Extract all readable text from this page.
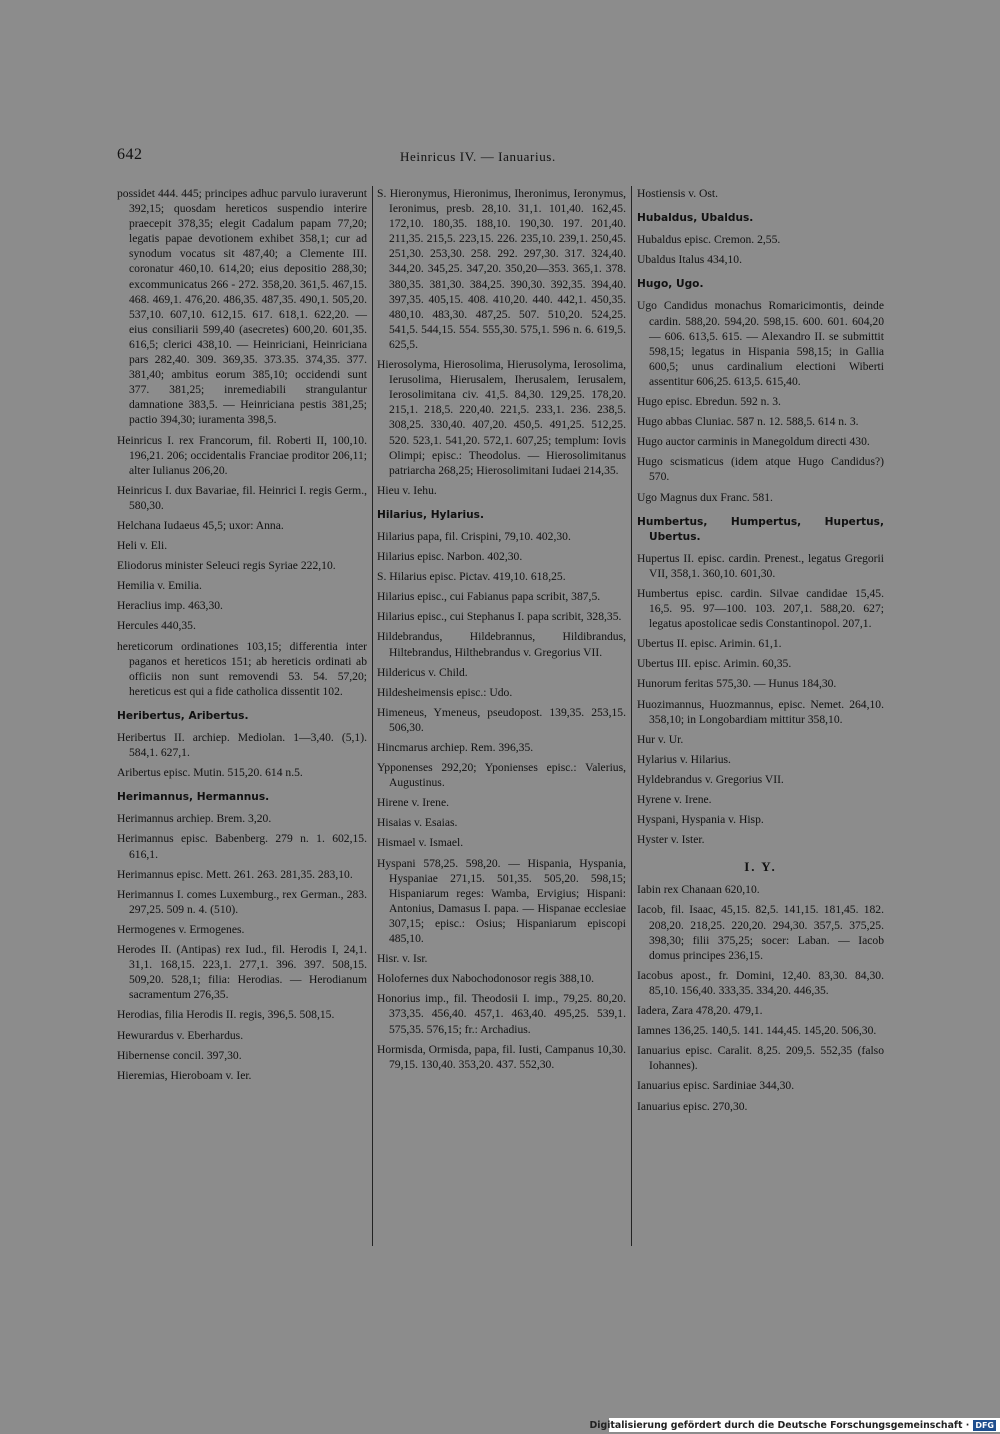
642	Heinricus IV. — Ianuarius.
possidet 444. 445; principes adhuc parvulo iuraverunt 392,15; quosdam hereticos suspendio interire praecepit 378,35; elegit Cadalum papam 77,20; legatis papae devotionem exhibet 358,1; cur ad synodum vocatus sit 487,40; a Clemente III. coronatur 460,10. 614,20; eius depositio 288,30; excommunicatus 266 - 272. 358,20. 361,5. 467,15. 468. 469,1. 476,20. 486,35. 487,35. 490,1. 505,20. 537,10. 607,10. 612,15. 617. 618,1. 622,20. — eius consiliarii 599,40 (asecretes) 600,20. 601,35. 616,5; clerici 438,10. — Heinriciani, Heinriciana pars 282,40. 309. 369,35. 373.35. 374,35. 377. 381,40; ambitus eorum 385,10; occidendi sunt 377. 381,25; inremediabili strangulantur damnatione 383,5. — Heinriciana pestis 381,25; pactio 394,30; iuramenta 398,5.
Heinricus I. rex Francorum, fil. Roberti II, 100,10. 196,21. 206; occidentalis Franciae proditor 206,11; alter Iulianus 206,20.
Heinricus I. dux Bavariae, fil. Heinrici I. regis Germ., 580,30.
Helchana Iudaeus 45,5; uxor: Anna.
Heli v. Eli.
Eliodorus minister Seleuci regis Syriae 222,10.
Hemilia v. Emilia.
Heraclius imp. 463,30.
Hercules 440,35.
hereticorum ordinationes 103,15; differentia inter paganos et hereticos 151; ab hereticis ordinati ab officiis non sunt removendi 53. 54. 57,20; hereticus est qui a fide catholica dissentit 102.
Heribertus, Aribertus.
Heribertus II. archiep. Mediolan. 1—3,40. (5,1). 584,1. 627,1.
Aribertus episc. Mutin. 515,20. 614 n.5.
Herimannus, Hermannus.
Herimannus archiep. Brem. 3,20.
Herimannus episc. Babenberg. 279 n. 1. 602,15. 616,1.
Herimannus episc. Mett. 261. 263. 281,35. 283,10.
Herimannus I. comes Luxemburg., rex German., 283. 297,25. 509 n. 4. (510).
Hermogenes v. Ermogenes.
Herodes II. (Antipas) rex Iud., fil. Herodis I, 24,1. 31,1. 168,15. 223,1. 277,1. 396. 397. 508,15. 509,20. 528,1; filia: Herodias. — Herodianum sacramentum 276,35.
Herodias, filia Herodis II. regis, 396,5. 508,15.
Hewurardus v. Eberhardus.
Hibernense concil. 397,30.
Hieremias, Hieroboam v. Ier.
S. Hieronymus, Hieronimus, Iheronimus, Ieronymus, Ieronimus, presb. 28,10. 31,1. 101,40. 162,45. 172,10. 180,35. 188,10. 190,30. 197. 201,40. 211,35. 215,5. 223,15. 226. 235,10. 239,1. 250,45. 251,30. 253,30. 258. 292. 297,30. 317. 324,40. 344,20. 345,25. 347,20. 350,20—353. 365,1. 378. 380,35. 381,30. 384,25. 390,30. 392,35. 394,40. 397,35. 405,15. 408. 410,20. 440. 442,1. 450,35. 480,10. 483,30. 487,25. 507. 510,20. 524,25. 541,5. 544,15. 554. 555,30. 575,1. 596 n. 6. 619,5. 625,5.
Hierosolyma, Hierosolima, Hierusolyma, Ierosolima, Ierusolima, Hierusalem, Iherusalem, Ierusalem, Ierosolimitana civ. 41,5. 84,30. 129,25. 178,20. 215,1. 218,5. 220,40. 221,5. 233,1. 236. 238,5. 308,25. 330,40. 407,20. 450,5. 491,25. 512,25. 520. 523,1. 541,20. 572,1. 607,25; templum: Iovis Olimpi; episc.: Theodolus. — Hierosolimitanus patriarcha 268,25; Hierosolimitani Iudaei 214,35.
Hieu v. Iehu.
Hilarius, Hylarius.
Hilarius papa, fil. Crispini, 79,10. 402,30.
Hilarius episc. Narbon. 402,30.
S. Hilarius episc. Pictav. 419,10. 618,25.
Hilarius episc., cui Fabianus papa scribit, 387,5.
Hilarius episc., cui Stephanus I. papa scribit, 328,35.
Hildebrandus, Hildebrannus, Hildibrandus, Hiltebrandus, Hilthebrandus v. Gregorius VII.
Hildericus v. Child.
Hildesheimensis episc.: Udo.
Himeneus, Ymeneus, pseudopost. 139,35. 253,15. 506,30.
Hincmarus archiep. Rem. 396,35.
Ypponenses 292,20; Yponienses episc.: Valerius, Augustinus.
Hirene v. Irene.
Hisaias v. Esaias.
Hismael v. Ismael.
Hyspani 578,25. 598,20. — Hispania, Hyspania, Hyspaniae 271,15. 501,35. 505,20. 598,15; Hispaniarum reges: Wamba, Ervigius; Hispani: Antonius, Damasus I. papa. — Hispanae ecclesiae 307,15; episc.: Osius; Hispaniarum episcopi 485,10.
Hisr. v. Isr.
Holofernes dux Nabochodonosor regis 388,10.
Honorius imp., fil. Theodosii I. imp., 79,25. 80,20. 373,35. 456,40. 457,1. 463,40. 495,25. 539,1. 575,35. 576,15; fr.: Archadius.
Hormisda, Ormisda, papa, fil. Iusti, Campanus 10,30. 79,15. 130,40. 353,20. 437. 552,30.
Hostiensis v. Ost.
Hubaldus, Ubaldus.
Hubaldus episc. Cremon. 2,55.
Ubaldus Italus 434,10.
Hugo, Ugo.
Ugo Candidus monachus Romaricimontis, deinde cardin. 588,20. 594,20. 598,15. 600. 601. 604,20 — 606. 613,5. 615. — Alexandro II. se submittit 598,15; legatus in Hispania 598,15; in Gallia 600,5; unus cardinalium electioni Wiberti assentitur 606,25. 613,5. 615,40.
Hugo episc. Ebredun. 592 n. 3.
Hugo abbas Cluniac. 587 n. 12. 588,5. 614 n. 3.
Hugo auctor carminis in Manegoldum directi 430.
Hugo scismaticus (idem atque Hugo Candidus?) 570.
Ugo Magnus dux Franc. 581.
Humbertus, Humpertus, Hupertus, Ubertus.
Hupertus II. episc. cardin. Prenest., legatus Gregorii VII, 358,1. 360,10. 601,30.
Humbertus episc. cardin. Silvae candidae 15,45. 16,5. 95. 97—100. 103. 207,1. 588,20. 627; legatus apostolicae sedis Constantinopol. 207,1.
Ubertus II. episc. Arimin. 61,1.
Ubertus III. episc. Arimin. 60,35.
Hunorum feritas 575,30. — Hunus 184,30.
Huozimannus, Huozmannus, episc. Nemet. 264,10. 358,10; in Longobardiam mittitur 358,10.
Hur v. Ur.
Hylarius v. Hilarius.
Hyldebrandus v. Gregorius VII.
Hyrene v. Irene.
Hyspani, Hyspania v. Hisp.
Hyster v. Ister.
I. Y.
Iabin rex Chanaan 620,10.
Iacob, fil. Isaac, 45,15. 82,5. 141,15. 181,45. 182. 208,20. 218,25. 220,20. 294,30. 357,5. 375,25. 398,30; filii 375,25; socer: Laban. — Iacob domus principes 236,15.
Iacobus apost., fr. Domini, 12,40. 83,30. 84,30. 85,10. 156,40. 333,35. 334,20. 446,35.
Iadera, Zara 478,20. 479,1.
Iamnes 136,25. 140,5. 141. 144,45. 145,20. 506,30.
Ianuarius episc. Caralit. 8,25. 209,5. 552,35 (falso Iohannes).
Ianuarius episc. Sardiniae 344,30.
Ianuarius episc. 270,30.
Digitalisierung gefördert durch die Deutsche Forschungsgemeinschaft · DFG
